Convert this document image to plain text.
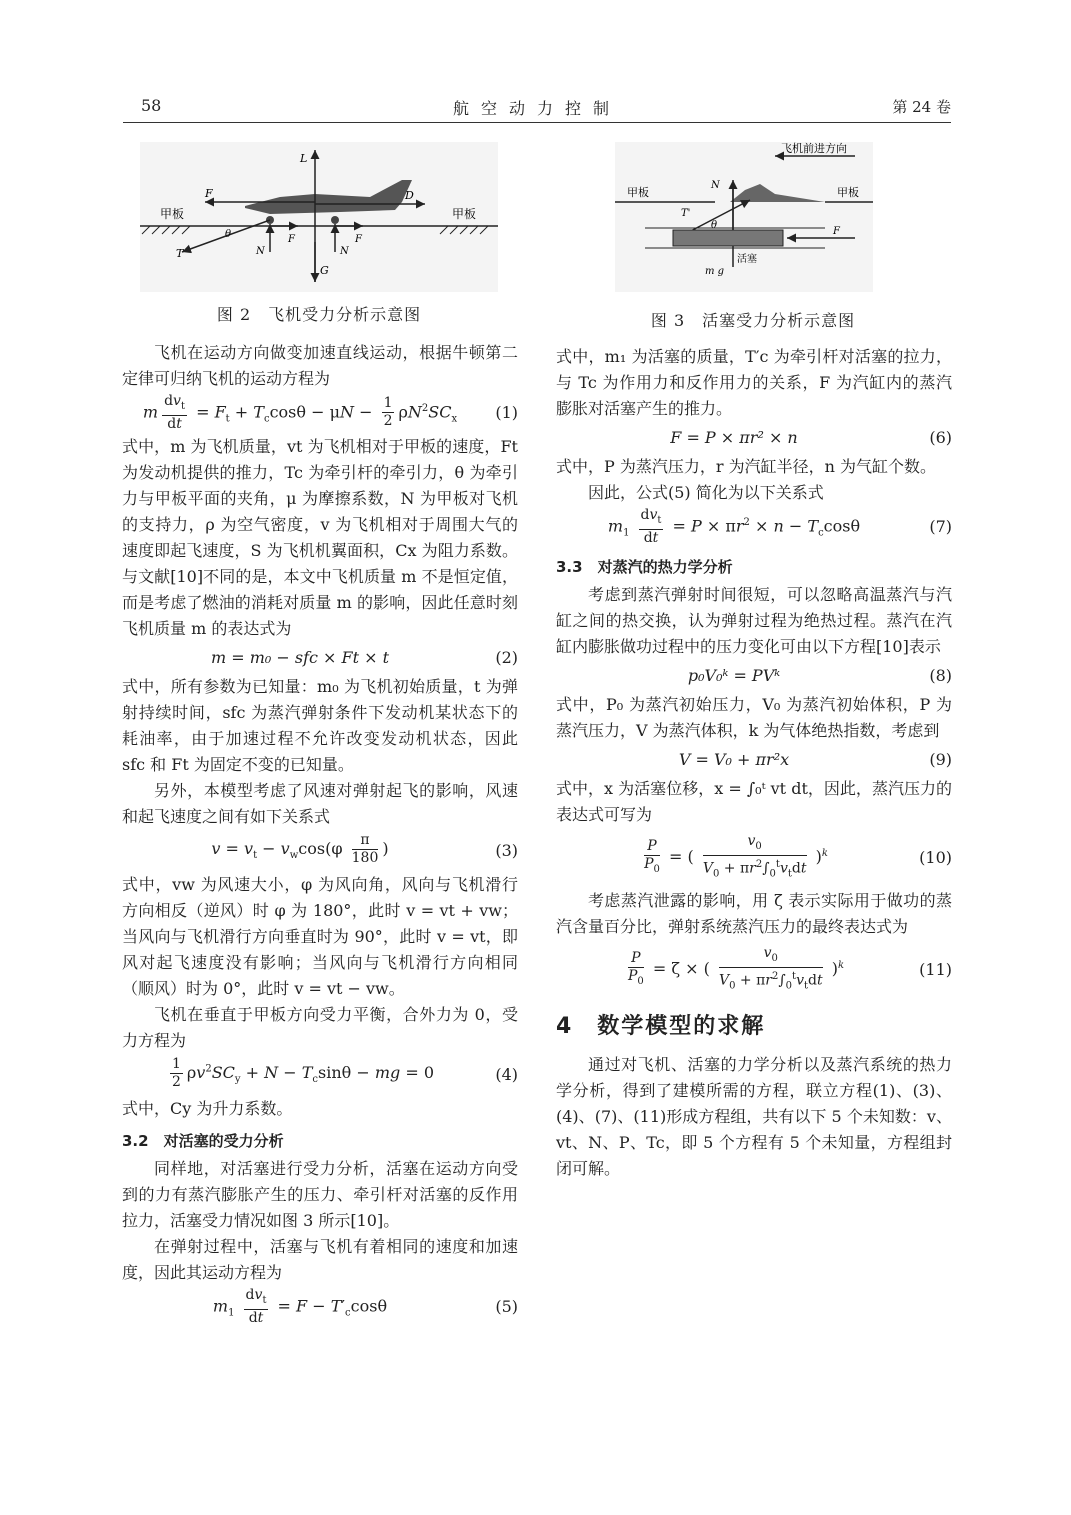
58	航空动力控制	第 24 卷
甲板	甲板
L
G
F	D
T	N	N
F	F
θ
图 2　飞机受力分析示意图
飞机前进方向
甲板	甲板
N
T'
θ
F
活塞
m g
图 3　活塞受力分析示意图

飞机在运动方向做变加速直线运动，根据牛顿第二定律可归纳飞机的运动方程为

m $\frac{dv_t}{dt} = F_t + T_c\cos\theta - \mu N - \frac{1}{2} \rho N^2SC_x$	(1)

式中，m 为飞机质量，vt 为飞机相对于甲板的速度，Ft 为发动机提供的推力，Tc 为牵引杆的牵引力，θ 为牵引力与甲板平面的夹角，μ 为摩擦系数，N 为甲板对飞机的支持力，ρ 为空气密度，v 为飞机相对于周围大气的速度即起飞速度，S 为飞机机翼面积，Cx 为阻力系数。与文献[10]不同的是，本文中飞机质量 m 不是恒定值，而是考虑了燃油的消耗对质量 m 的影响，因此任意时刻飞机质量 m 的表达式为

m = m₀ − sfc × Ft × t	(2)

式中，所有参数为已知量：m₀ 为飞机初始质量，t 为弹射持续时间，sfc 为蒸汽弹射条件下发动机某状态下的耗油率，由于加速过程不允许改变发动机状态，因此 sfc 和 Ft 为固定不变的已知量。

另外，本模型考虑了风速对弹射起飞的影响，风速和起飞速度之间有如下关系式

$v = v_t - v_w\cos(\varphi \frac{\pi}{180}$ )	(3)

式中，vw 为风速大小，φ 为风向角，风向与飞机滑行方向相反（逆风）时 φ 为 180°，此时 v = vt + vw；当风向与飞机滑行方向垂直时为 90°，此时 v = vt，即风对起飞速度没有影响；当风向与飞机滑行方向相同（顺风）时为 0°，此时 v = vt − vw。

飞机在垂直于甲板方向受力平衡，合外力为 0，受力方程为

$\frac{1}{2} \rho v^2SC_y + N - T_c\sin\theta$ − mg = 0	(4)

式中，Cy 为升力系数。

3.2　对活塞的受力分析

同样地，对活塞进行受力分析，活塞在运动方向受到的力有蒸汽膨胀产生的压力、牵引杆对活塞的反作用拉力，活塞受力情况如图 3 所示[10]。

在弹射过程中，活塞与飞机有着相同的速度和加速度，因此其运动方程为

$m_1 \frac{dv_t}{dt} = F - T'_c\cos\theta$	(5)

式中，m₁ 为活塞的质量，T′c 为牵引杆对活塞的拉力，与 Tc 为作用力和反作用力的关系，F 为汽缸内的蒸汽膨胀对活塞产生的推力。

F = P × πr² × n	(6)

式中，P 为蒸汽压力，r 为汽缸半径，n 为气缸个数。

因此，公式(5) 简化为以下关系式

$m_1 \frac{dv_t}{dt} = P \times \pi r^2 \times n - T_c\cos\theta$	(7)
3.3　对蒸汽的热力学分析

考虑到蒸汽弹射时间很短，可以忽略高温蒸汽与汽缸之间的热交换，认为弹射过程为绝热过程。蒸汽在汽缸内膨胀做功过程中的压力变化可由以下方程[10]表示

p₀V₀ᵏ = PVᵏ	(8)

式中，P₀ 为蒸汽初始压力，V₀ 为蒸汽初始体积，P 为蒸汽压力，V 为蒸汽体积，k 为气体绝热指数，考虑到

V = V₀ + πr²x	(9)

式中，x 为活塞位移，x = ∫₀ᵗ vt dt，因此，蒸汽压力的表达式可写为

$\frac{P}{P_0}$ = ( $\frac{v_0}{V_0 + \pi r^2\int_0^tv_tdt} )^k$	(10)

考虑蒸汽泄露的影响，用 ζ 表示实际用于做功的蒸汽含量百分比，弹射系统蒸汽压力的最终表达式为

$\frac{P}{P_0} = \zeta$ × ( $\frac{v_0}{V_0 + \pi r^2\int_0^tv_tdt} )^k$	(11)
4　数学模型的求解

通过对飞机、活塞的力学分析以及蒸汽系统的热力学分析，得到了建模所需的方程，联立方程(1)、(3)、(4)、(7)、(11)形成方程组，共有以下 5 个未知数：v、vt、N、P、Tc，即 5 个方程有 5 个未知量，方程组封闭可解。
